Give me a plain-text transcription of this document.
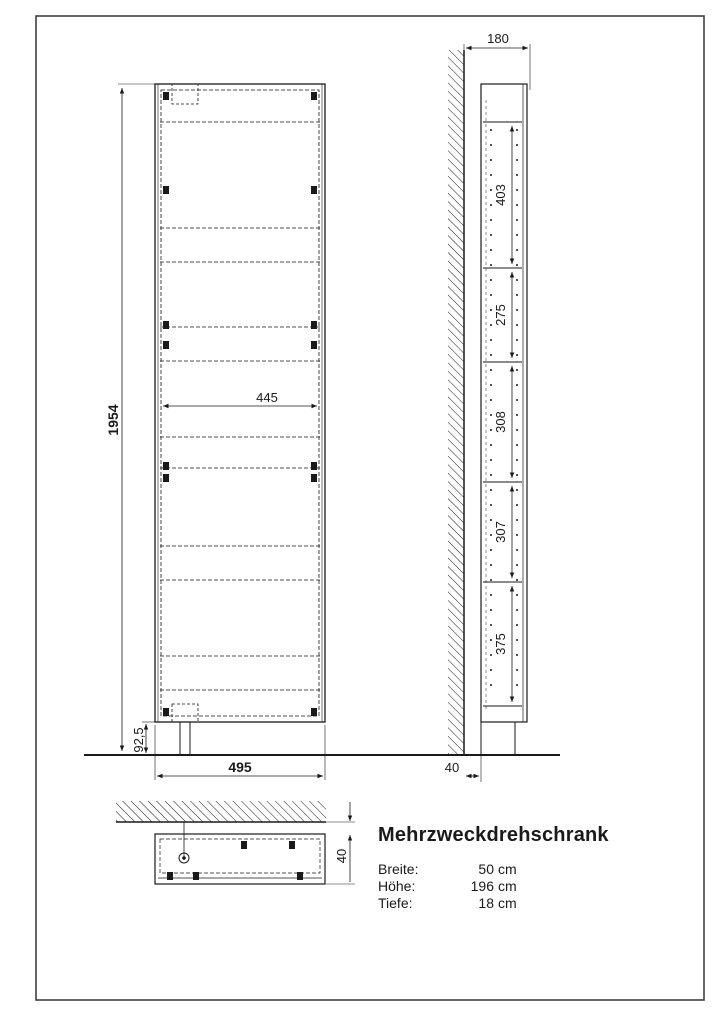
1954
92,5
445
495
180
40
403
275
308
307
375
40
Mehrzweckdrehschrank
Breite:	50 cm
Höhe:	196 cm
Tiefe:	18 cm
